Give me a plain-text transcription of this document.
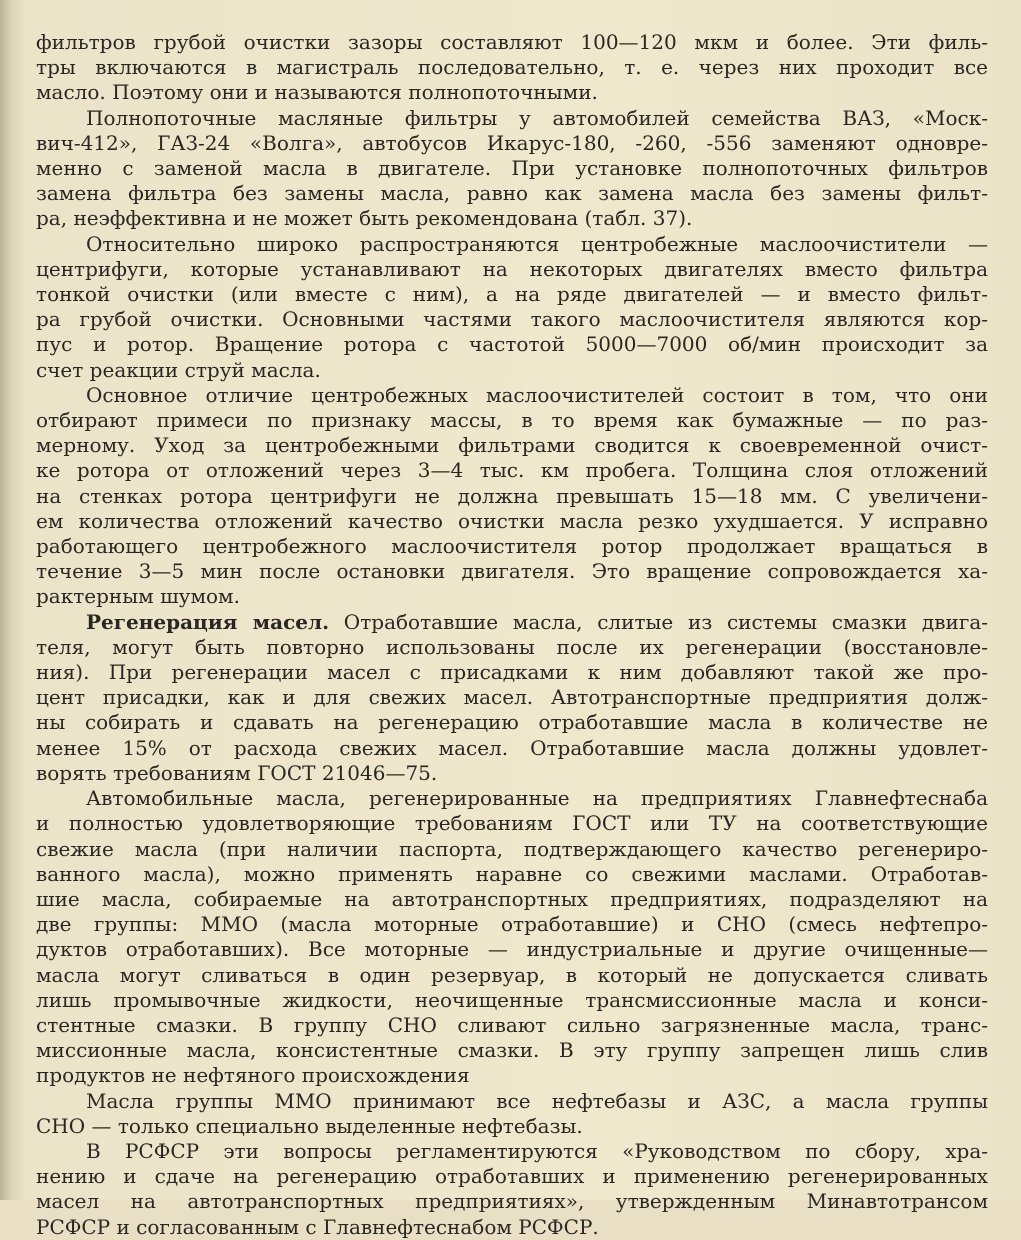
фильтров грубой очистки зазоры составляют 100—120 мкм и более. Эти филь-
тры включаются в магистраль последовательно, т. е. через них проходит все
масло. Поэтому они и называются полнопоточными.
Полнопоточные масляные фильтры у автомобилей семейства ВАЗ, «Моск-
вич-412», ГАЗ-24 «Волга», автобусов Икарус-180, -260, -556 заменяют одновре-
менно с заменой масла в двигателе. При установке полнопоточных фильтров
замена фильтра без замены масла, равно как замена масла без замены фильт-
ра, неэффективна и не может быть рекомендована (табл. 37).
Относительно широко распространяются центробежные маслоочистители —
центрифуги, которые устанавливают на некоторых двигателях вместо фильтра
тонкой очистки (или вместе с ним), а на ряде двигателей — и вместо фильт-
ра грубой очистки. Основными частями такого маслоочистителя являются кор-
пус и ротор. Вращение ротора с частотой 5000—7000 об/мин происходит за
счет реакции струй масла.
Основное отличие центробежных маслоочистителей состоит в том, что они
отбирают примеси по признаку массы, в то время как бумажные — по раз-
мерному. Уход за центробежными фильтрами сводится к своевременной очист-
ке ротора от отложений через 3—4 тыс. км пробега. Толщина слоя отложений
на стенках ротора центрифуги не должна превышать 15—18 мм. С увеличени-
ем количества отложений качество очистки масла резко ухудшается. У исправно
работающего центробежного маслоочистителя ротор продолжает вращаться в
течение 3—5 мин после остановки двигателя. Это вращение сопровождается ха-
рактерным шумом.
Регенерация масел. Отработавшие масла, слитые из системы смазки двига-
теля, могут быть повторно использованы после их регенерации (восстановле-
ния). При регенерации масел с присадками к ним добавляют такой же про-
цент присадки, как и для свежих масел. Автотранспортные предприятия долж-
ны собирать и сдавать на регенерацию отработавшие масла в количестве не
менее 15% от расхода свежих масел. Отработавшие масла должны удовлет-
ворять требованиям ГОСТ 21046—75.
Автомобильные масла, регенерированные на предприятиях Главнефтеснаба
и полностью удовлетворяющие требованиям ГОСТ или ТУ на соответствующие
свежие масла (при наличии паспорта, подтверждающего качество регенериро-
ванного масла), можно применять наравне со свежими маслами. Отработав-
шие масла, собираемые на автотранспортных предприятиях, подразделяют на
две группы: ММО (масла моторные отработавшие) и СНО (смесь нефтепро-
дуктов отработавших). Все моторные — индустриальные и другие очищенные—
масла могут сливаться в один резервуар, в который не допускается сливать
лишь промывочные жидкости, неочищенные трансмиссионные масла и конси-
стентные смазки. В группу СНО сливают сильно загрязненные масла, транс-
миссионные масла, консистентные смазки. В эту группу запрещен лишь слив
продуктов не нефтяного происхождения
Масла группы ММО принимают все нефтебазы и АЗС, а масла группы
СНО — только специально выделенные нефтебазы.
В РСФСР эти вопросы регламентируются «Руководством по сбору, хра-
нению и сдаче на регенерацию отработавших и применению регенерированных
масел на автотранспортных предприятиях», утвержденным Минавтотрансом
РСФСР и согласованным с Главнефтеснабом РСФСР.
